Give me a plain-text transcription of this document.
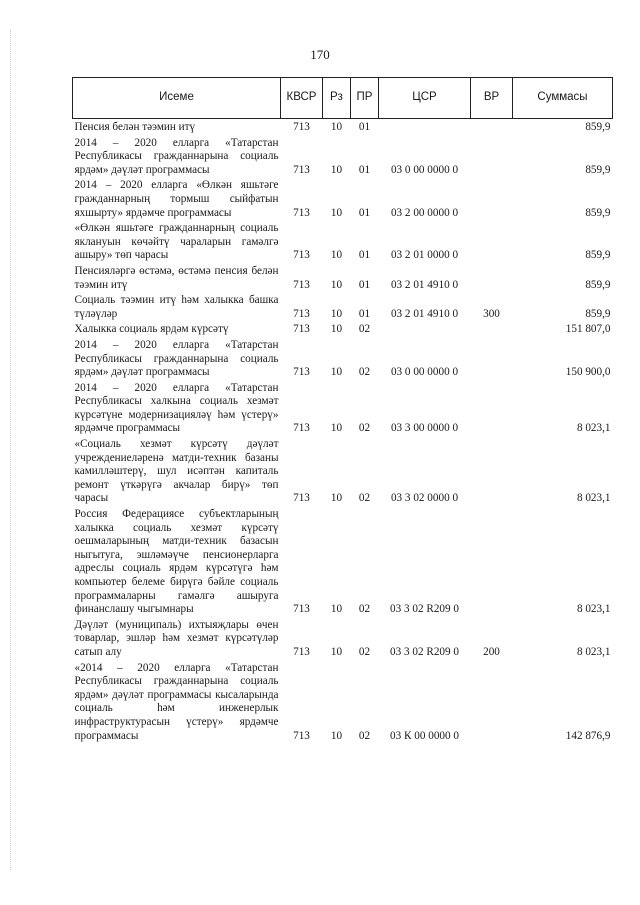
170
Исеме	КВСР	Рз	ПР	ЦСР	ВР	Суммасы
Пенсия белән тәэмин итү	713	10	01			859,9
2014 – 2020 елларга «Татарстан Республикасы гражданнарына социаль ярдәм» дәүләт программасы	713	10	01	03 0 00 0000 0		859,9
2014 – 2020 елларга «Өлкән яшьтәге гражданнарның тормыш сыйфатын яхшырту» ярдәмче программасы	713	10	01	03 2 00 0000 0		859,9
«Өлкән яшьтәге гражданнарның социаль яклануын көчәйтү чараларын гамәлгә ашыру» төп чарасы	713	10	01	03 2 01 0000 0		859,9
Пенсияләргә өстәмә, өстәмә пенсия белән тәэмин итү	713	10	01	03 2 01 4910 0		859,9
Социаль тәэмин итү һәм халыкка башка түләүләр	713	10	01	03 2 01 4910 0	300	859,9
Халыкка социаль ярдәм күрсәтү	713	10	02			151 807,0
2014 – 2020 елларга «Татарстан Республикасы гражданнарына социаль ярдәм» дәүләт программасы	713	10	02	03 0 00 0000 0		150 900,0
2014 – 2020 елларга «Татарстан Республикасы халкына социаль хезмәт күрсәтүне модернизацияләү һәм үстерү» ярдәмче программасы	713	10	02	03 3 00 0000 0		8 023,1
«Социаль хезмәт күрсәтү дәүләт учреждениеләренә матди-техник базаны камилләштерү, шул исәптән капиталь ремонт үткәрүгә акчалар бирү» төп чарасы	713	10	02	03 3 02 0000 0		8 023,1
Россия Федерациясе субъектларының халыкка социаль хезмәт күрсәтү оешмаларының матди-техник базасын ныгытуга, эшләмәүче пенсионерларга адреслы социаль ярдәм күрсәтүгә һәм компьютер белеме бирүгә бәйле социаль программаларны гамәлгә ашыруга финанслашу чыгымнары	713	10	02	03 3 02 R209 0		8 023,1
Дәүләт (муниципаль) ихтыяҗлары өчен товарлар, эшләр һәм хезмәт күрсәтүләр сатып алу	713	10	02	03 3 02 R209 0	200	8 023,1
«2014 – 2020 елларга «Татарстан Республикасы гражданнарына социаль ярдәм» дәүләт программасы кысаларында социаль һәм инженерлык инфраструктурасын үстерү» ярдәмче программасы	713	10	02	03 К 00 0000 0		142 876,9
